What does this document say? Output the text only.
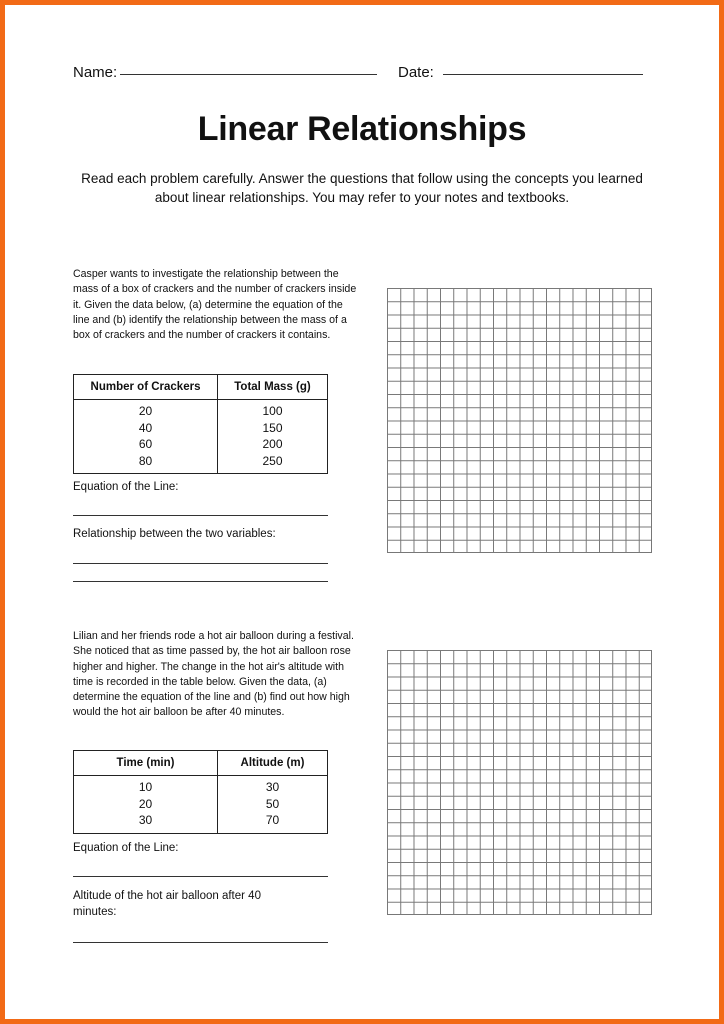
Name:	Date:
Linear Relationships
Read each problem carefully. Answer the questions that follow using the concepts you learned about linear relationships. You may refer to your notes and textbooks.
Casper wants to investigate the relationship between the mass of a box of crackers and the number of crackers inside it. Given the data below, (a) determine the equation of the line and (b) identify the relationship between the mass of a box of crackers and the number of crackers it contains.
Number of Crackers	Total Mass (g)
20	100
40	150
60	200
80	250
Equation of the Line:
Relationship between the two variables:
Lilian and her friends rode a hot air balloon during a festival. She noticed that as time passed by, the hot air balloon rose higher and higher. The change in the hot air's altitude with time is recorded in the table below. Given the data, (a) determine the equation of the line and (b) find out how high would the hot air balloon be after 40 minutes.
Time (min)	Altitude (m)
10	30
20	50
30	70
Equation of the Line:
Altitude of the hot air balloon after 40 minutes:
